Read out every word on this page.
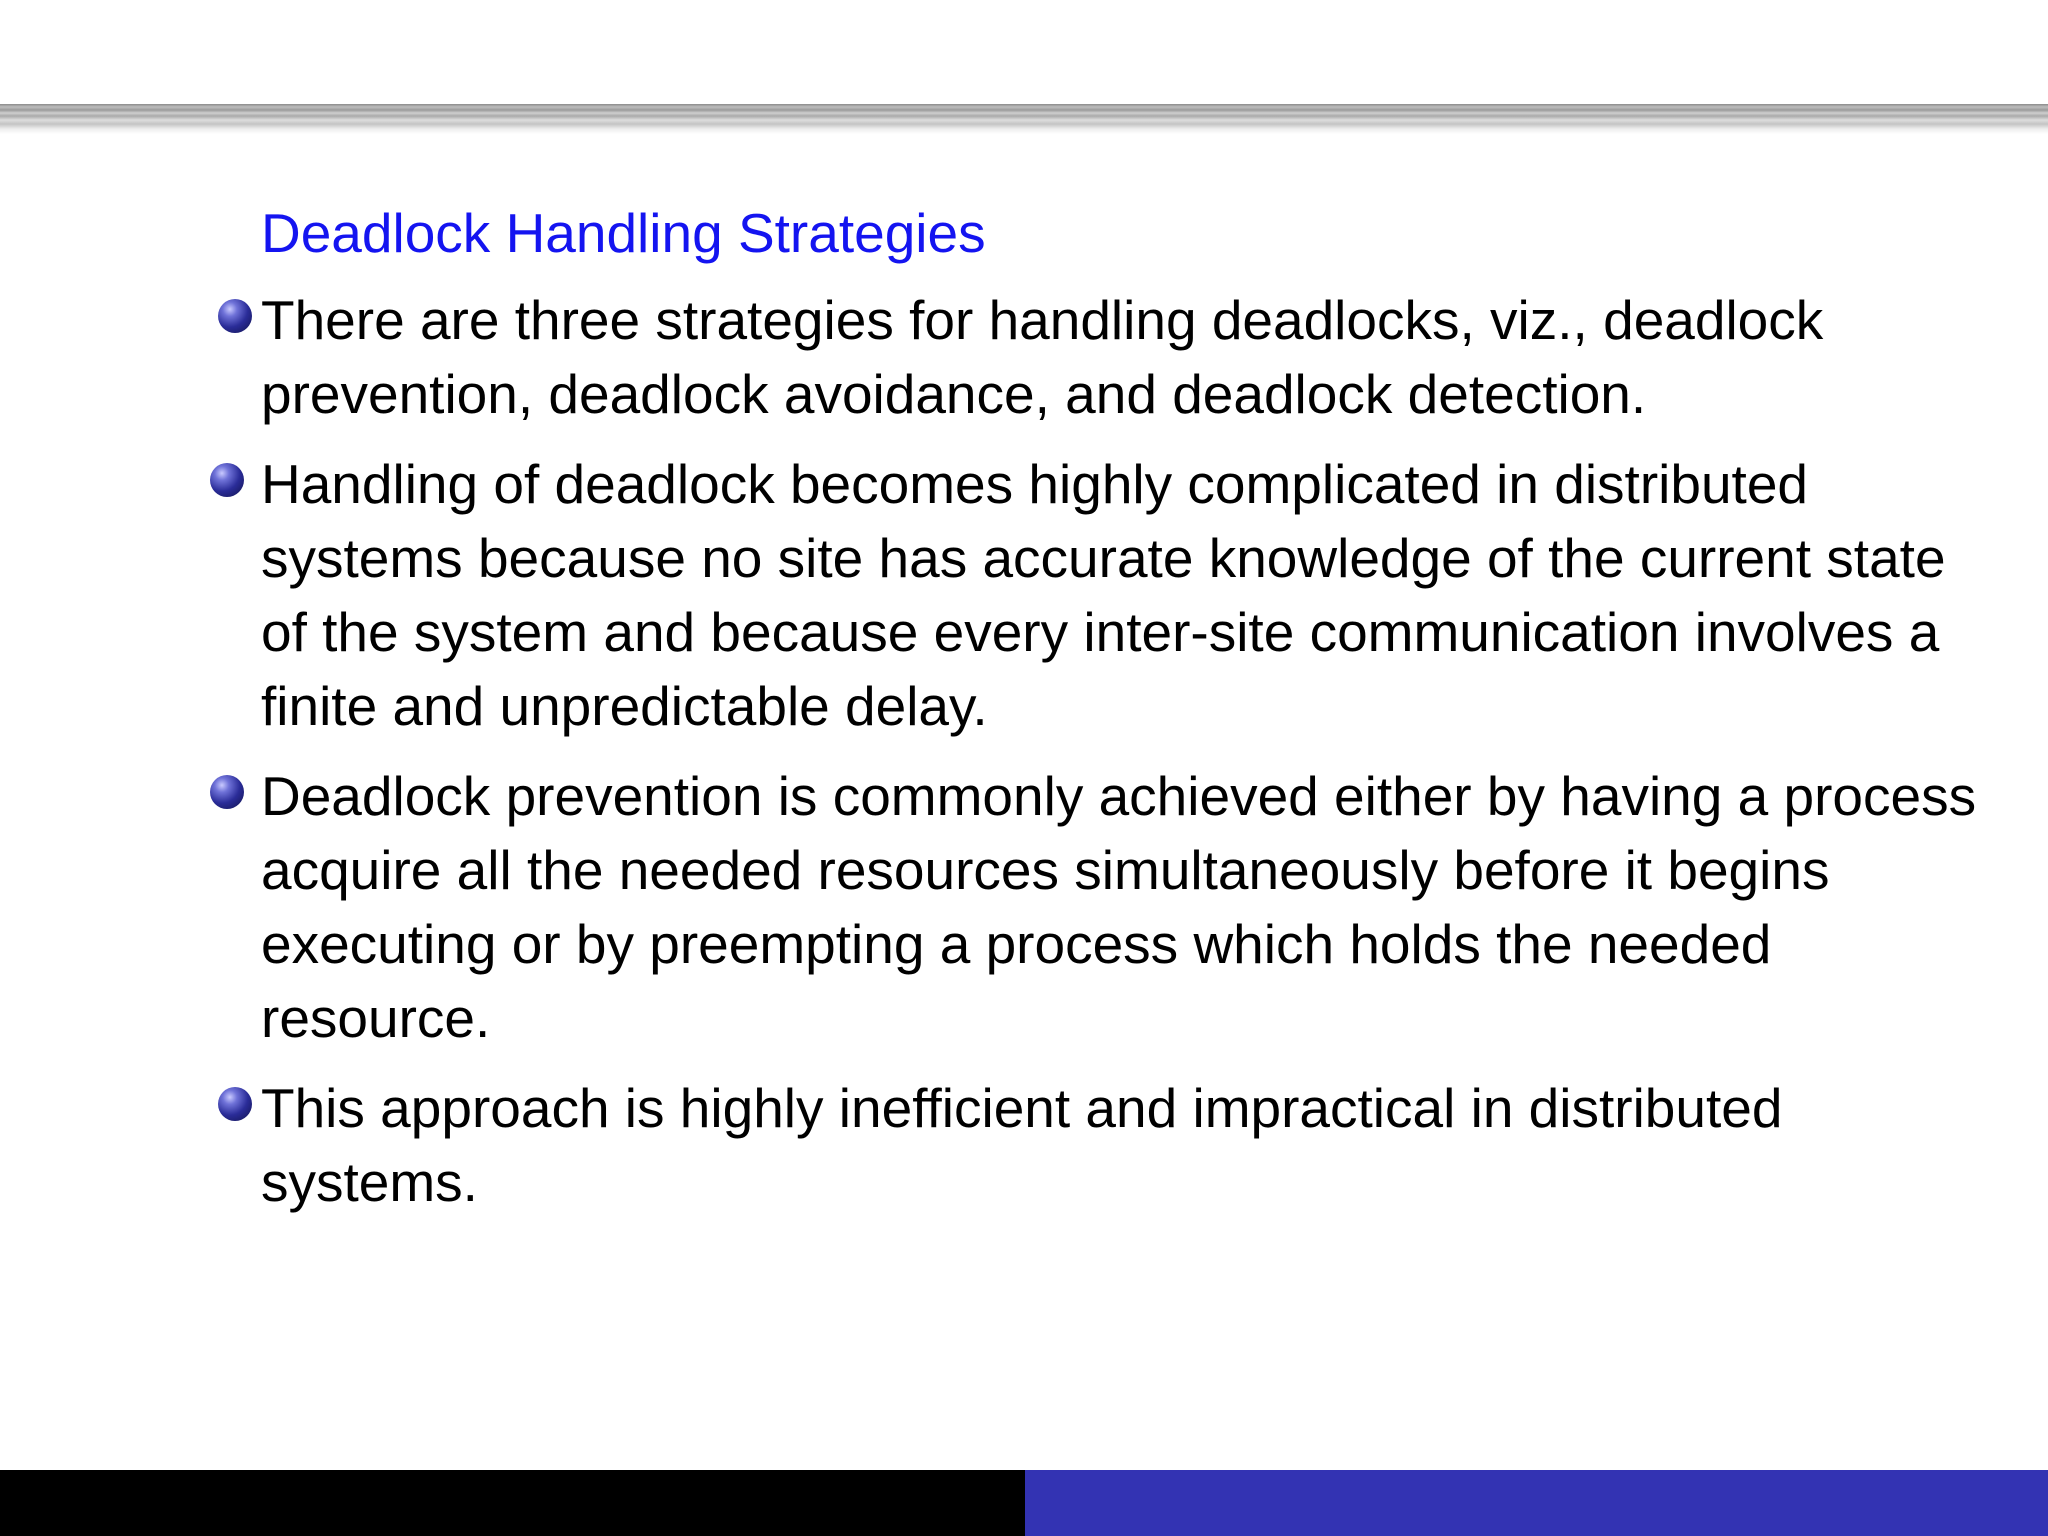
Deadlock Handling Strategies
There are three strategies for handling deadlocks, viz., deadlock prevention, deadlock avoidance, and deadlock detection.
Handling of deadlock becomes highly complicated in distributed systems because no site has accurate knowledge of the current state of the system and because every inter-site communication involves a finite and unpredictable delay.
Deadlock prevention is commonly achieved either by having a process acquire all the needed resources simultaneously before it begins executing or by preempting a process which holds the needed resource.
This approach is highly inefficient and impractical in distributed systems.
